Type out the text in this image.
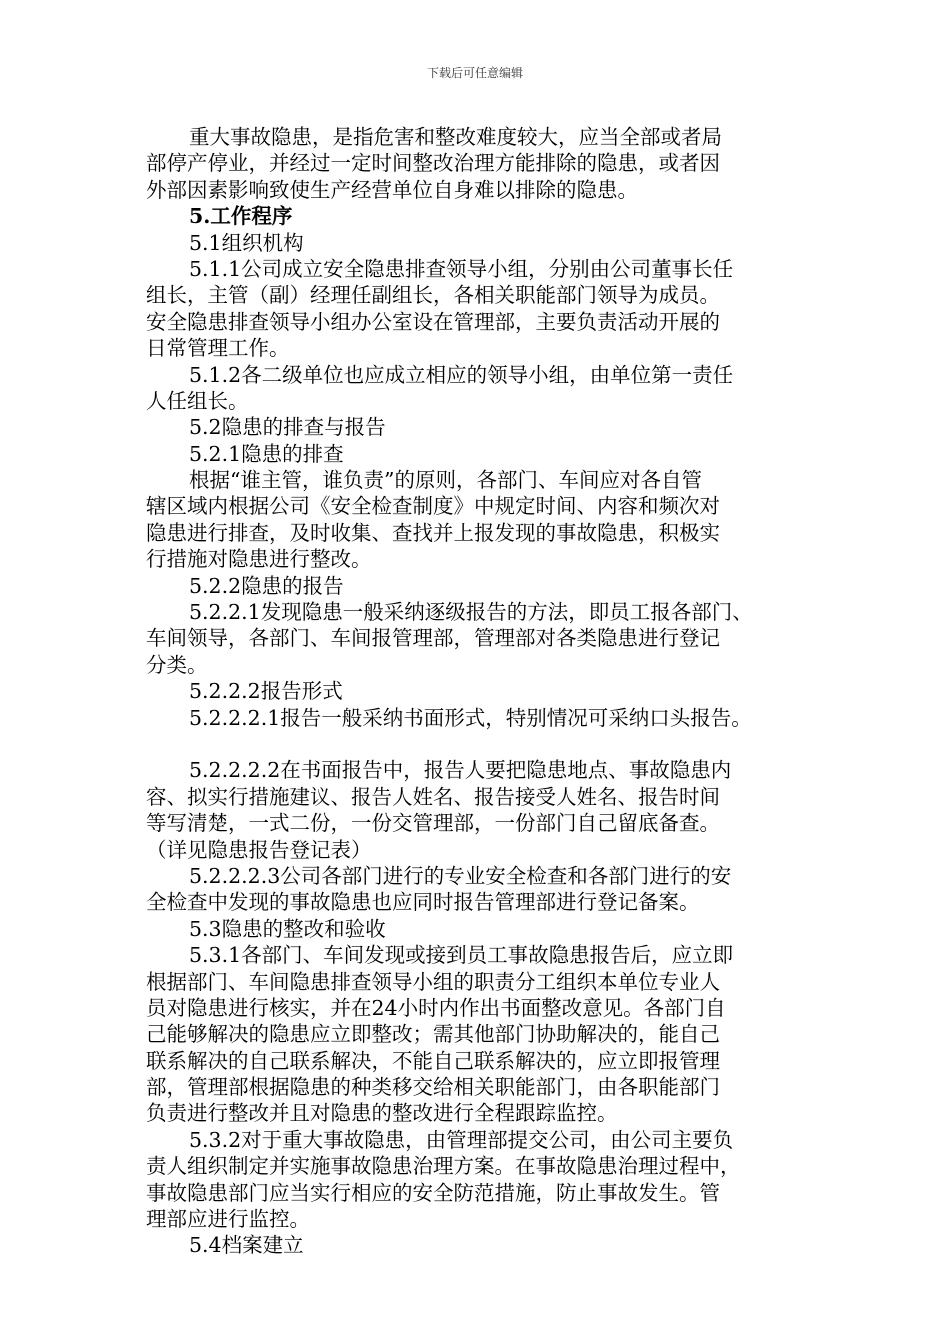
下载后可任意编辑
重大事故隐患，是指危害和整改难度较大，应当全部或者局
部停产停业，并经过一定时间整改治理方能排除的隐患，或者因
外部因素影响致使生产经营单位自身难以排除的隐患。
5.工作程序
5.1组织机构
5.1.1公司成立安全隐患排查领导小组，分别由公司董事长任
组长，主管（副）经理任副组长，各相关职能部门领导为成员。
安全隐患排查领导小组办公室设在管理部，主要负责活动开展的
日常管理工作。
5.1.2各二级单位也应成立相应的领导小组，由单位第一责任
人任组长。
5.2隐患的排查与报告
5.2.1隐患的排查
根据“谁主管，谁负责”的原则，各部门、车间应对各自管
辖区域内根据公司《安全检查制度》中规定时间、内容和频次对
隐患进行排查，及时收集、查找并上报发现的事故隐患，积极实
行措施对隐患进行整改。
5.2.2隐患的报告
5.2.2.1发现隐患一般采纳逐级报告的方法，即员工报各部门、
车间领导，各部门、车间报管理部，管理部对各类隐患进行登记
分类。
5.2.2.2报告形式
5.2.2.2.1报告一般采纳书面形式，特别情况可采纳口头报告。
5.2.2.2.2在书面报告中，报告人要把隐患地点、事故隐患内
容、拟实行措施建议、报告人姓名、报告接受人姓名、报告时间
等写清楚，一式二份，一份交管理部，一份部门自己留底备查。
（详见隐患报告登记表）
5.2.2.2.3公司各部门进行的专业安全检查和各部门进行的安
全检查中发现的事故隐患也应同时报告管理部进行登记备案。
5.3隐患的整改和验收
5.3.1各部门、车间发现或接到员工事故隐患报告后，应立即
根据部门、车间隐患排查领导小组的职责分工组织本单位专业人
员对隐患进行核实，并在24小时内作出书面整改意见。各部门自
己能够解决的隐患应立即整改；需其他部门协助解决的，能自己
联系解决的自己联系解决，不能自己联系解决的，应立即报管理
部，管理部根据隐患的种类移交给相关职能部门，由各职能部门
负责进行整改并且对隐患的整改进行全程跟踪监控。
5.3.2对于重大事故隐患，由管理部提交公司，由公司主要负
责人组织制定并实施事故隐患治理方案。在事故隐患治理过程中，
事故隐患部门应当实行相应的安全防范措施，防止事故发生。管
理部应进行监控。
5.4档案建立
